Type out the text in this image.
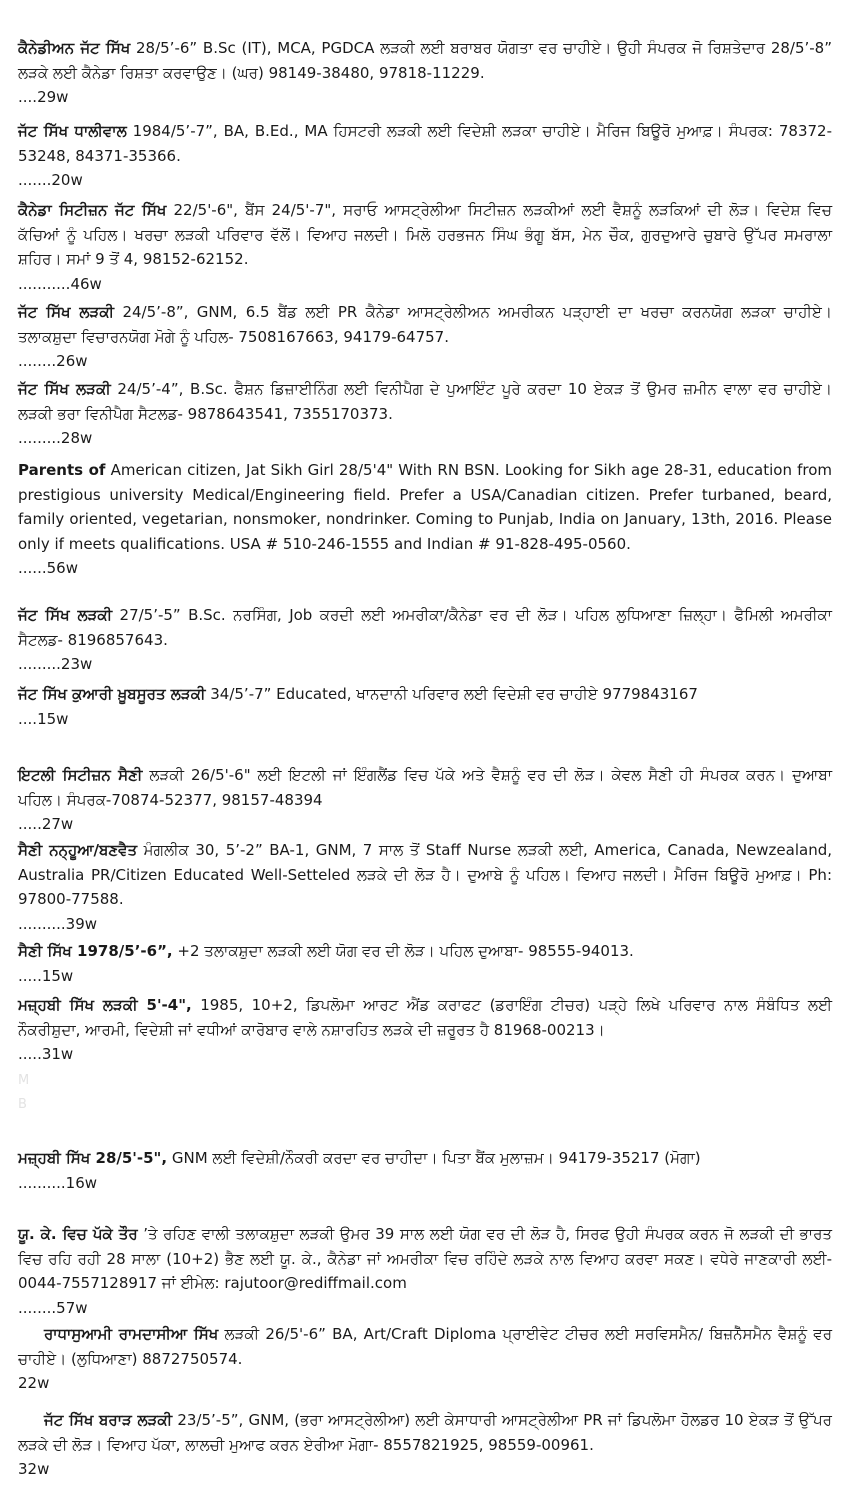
ਕੈਨੇਡੀਅਨ ਜੱਟ ਸਿੱਖ 28/5’-6” B.Sc (IT), MCA, PGDCA ਲੜਕੀ ਲਈ ਬਰਾਬਰ ਯੋਗਤਾ ਵਰ ਚਾਹੀਏ। ਉਹੀ ਸੰਪਰਕ ਜੋ ਰਿਸ਼ਤੇਦਾਰ 28/5’-8” ਲੜਕੇ ਲਈ ਕੈਨੇਡਾ ਰਿਸ਼ਤਾ ਕਰਵਾਉਣ। (ਘਰ) 98149-38480, 97818-11229.
....29w
ਜੱਟ ਸਿੱਖ ਧਾਲੀਵਾਲ 1984/5’-7”, BA, B.Ed., MA ਹਿਸਟਰੀ ਲੜਕੀ ਲਈ ਵਿਦੇਸ਼ੀ ਲੜਕਾ ਚਾਹੀਏ। ਮੈਰਿਜ ਬਿਊਰੋ ਮੁਆਫ਼। ਸੰਪਰਕ: 78372-53248, 84371-35366.
.......20w
ਕੈਨੇਡਾ ਸਿਟੀਜ਼ਨ ਜੱਟ ਸਿੱਖ 22/5'-6", ਬੈਂਸ 24/5'-7", ਸਰਾਓ ਆਸਟ੍ਰੇਲੀਆ ਸਿਟੀਜ਼ਨ ਲੜਕੀਆਂ ਲਈ ਵੈਸ਼ਨੂੰ ਲੜਕਿਆਂ ਦੀ ਲੋੜ। ਵਿਦੇਸ਼ ਵਿਚ ਕੱਚਿਆਂ ਨੂੰ ਪਹਿਲ। ਖਰਚਾ ਲੜਕੀ ਪਰਿਵਾਰ ਵੱਲੋਂ। ਵਿਆਹ ਜਲਦੀ। ਮਿਲੋ ਹਰਭਜਨ ਸਿੰਘ ਭੰਗੂ ਬੱਸ, ਮੇਨ ਚੌਕ, ਗੁਰਦੁਆਰੇ ਚੁਬਾਰੇ ਉੱਪਰ ਸਮਰਾਲਾ ਸ਼ਹਿਰ। ਸਮਾਂ 9 ਤੋਂ 4, 98152-62152.
...........46w
ਜੱਟ ਸਿੱਖ ਲੜਕੀ 24/5’-8”, GNM, 6.5 ਬੈਂਡ ਲਈ PR ਕੈਨੇਡਾ ਆਸਟ੍ਰੇਲੀਅਨ ਅਮਰੀਕਨ ਪੜ੍ਹਾਈ ਦਾ ਖਰਚਾ ਕਰਨਯੋਗ ਲੜਕਾ ਚਾਹੀਏ। ਤਲਾਕਸ਼ੁਦਾ ਵਿਚਾਰਨਯੋਗ ਮੋਗੇ ਨੂੰ ਪਹਿਲ- 7508167663, 94179-64757.
........26w
ਜੱਟ ਸਿੱਖ ਲੜਕੀ 24/5’-4”, B.Sc. ਫੈਸ਼ਨ ਡਿਜ਼ਾਈਨਿੰਗ ਲਈ ਵਿਨੀਪੈਗ ਦੇ ਪੁਆਇੰਟ ਪੂਰੇ ਕਰਦਾ 10 ਏਕੜ ਤੋਂ ਉਮਰ ਜ਼ਮੀਨ ਵਾਲਾ ਵਰ ਚਾਹੀਏ। ਲੜਕੀ ਭਰਾ ਵਿਨੀਪੈਗ ਸੈਟਲਡ- 9878643541, 7355170373.
.........28w
Parents of American citizen, Jat Sikh Girl 28/5'4" With RN BSN. Looking for Sikh age 28-31, education from prestigious university Medical/Engineering field. Prefer a USA/Canadian citizen. Prefer turbaned, beard, family oriented, vegetarian, nonsmoker, nondrinker. Coming to Punjab, India on January, 13th, 2016. Please only if meets qualifications. USA # 510-246-1555 and Indian # 91-828-495-0560.
......56w
ਜੱਟ ਸਿੱਖ ਲੜਕੀ 27/5’-5” B.Sc. ਨਰਸਿੰਗ, Job ਕਰਦੀ ਲਈ ਅਮਰੀਕਾ/ਕੈਨੇਡਾ ਵਰ ਦੀ ਲੋੜ। ਪਹਿਲ ਲੁਧਿਆਣਾ ਜ਼ਿਲ੍ਹਾ। ਫੈਮਿਲੀ ਅਮਰੀਕਾ ਸੈਟਲਡ- 8196857643.
.........23w
ਜੱਟ ਸਿੱਖ ਕੁਆਰੀ ਖ਼ੂਬਸੂਰਤ ਲੜਕੀ 34/5’-7” Educated, ਖਾਨਦਾਨੀ ਪਰਿਵਾਰ ਲਈ ਵਿਦੇਸ਼ੀ ਵਰ ਚਾਹੀਏ 9779843167
....15w
ਇਟਲੀ ਸਿਟੀਜ਼ਨ ਸੈਣੀ ਲੜਕੀ 26/5'-6" ਲਈ ਇਟਲੀ ਜਾਂ ਇੰਗਲੈਂਡ ਵਿਚ ਪੱਕੇ ਅਤੇ ਵੈਸ਼ਨੂੰ ਵਰ ਦੀ ਲੋੜ। ਕੇਵਲ ਸੈਣੀ ਹੀ ਸੰਪਰਕ ਕਰਨ। ਦੁਆਬਾ ਪਹਿਲ। ਸੰਪਰਕ-70874-52377, 98157-48394
.....27w
ਸੈਣੀ ਨਨ੍ਹੂਆ/ਬਣਵੈਤ ਮੰਗਲੀਕ 30, 5’-2” BA-1, GNM, 7 ਸਾਲ ਤੋਂ Staff Nurse ਲੜਕੀ ਲਈ, America, Canada, Newzealand, Australia PR/Citizen Educated Well-Setteled ਲੜਕੇ ਦੀ ਲੋੜ ਹੈ। ਦੁਆਬੇ ਨੂੰ ਪਹਿਲ। ਵਿਆਹ ਜਲਦੀ। ਮੈਰਿਜ ਬਿਊਰੋ ਮੁਆਫ਼। Ph: 97800-77588.
..........39w
ਸੈਣੀ ਸਿੱਖ 1978/5’-6”, +2 ਤਲਾਕਸ਼ੁਦਾ ਲੜਕੀ ਲਈ ਯੋਗ ਵਰ ਦੀ ਲੋੜ। ਪਹਿਲ ਦੁਆਬਾ- 98555-94013.
.....15w
ਮਜ਼੍ਹਬੀ ਸਿੱਖ ਲੜਕੀ 5'-4", 1985, 10+2, ਡਿਪਲੋਮਾ ਆਰਟ ਐਂਡ ਕਰਾਫਟ (ਡਰਾਇੰਗ ਟੀਚਰ) ਪੜ੍ਹੇ ਲਿਖੇ ਪਰਿਵਾਰ ਨਾਲ ਸੰਬੰਧਿਤ ਲਈ ਨੌਕਰੀਸ਼ੁਦਾ, ਆਰਮੀ, ਵਿਦੇਸ਼ੀ ਜਾਂ ਵਧੀਆਂ ਕਾਰੋਬਾਰ ਵਾਲੇ ਨਸ਼ਾਰਹਿਤ ਲੜਕੇ ਦੀ ਜ਼ਰੂਰਤ ਹੈ 81968-00213।
.....31w
M
B
ਮਜ਼੍ਹਬੀ ਸਿੱਖ 28/5'-5", GNM ਲਈ ਵਿਦੇਸ਼ੀ/ਨੌਕਰੀ ਕਰਦਾ ਵਰ ਚਾਹੀਦਾ। ਪਿਤਾ ਬੈਂਕ ਮੁਲਾਜ਼ਮ। 94179-35217 (ਮੋਗਾ)
..........16w
ਯੂ. ਕੇ. ਵਿਚ ਪੱਕੇ ਤੌਰ ’ਤੇ ਰਹਿਣ ਵਾਲੀ ਤਲਾਕਸ਼ੁਦਾ ਲੜਕੀ ਉਮਰ 39 ਸਾਲ ਲਈ ਯੋਗ ਵਰ ਦੀ ਲੋੜ ਹੈ, ਸਿਰਫ ਉਹੀ ਸੰਪਰਕ ਕਰਨ ਜੋ ਲੜਕੀ ਦੀ ਭਾਰਤ ਵਿਚ ਰਹਿ ਰਹੀ 28 ਸਾਲਾ (10+2) ਭੈਣ ਲਈ ਯੂ. ਕੇ., ਕੈਨੇਡਾ ਜਾਂ ਅਮਰੀਕਾ ਵਿਚ ਰਹਿੰਦੇ ਲੜਕੇ ਨਾਲ ਵਿਆਹ ਕਰਵਾ ਸਕਣ। ਵਧੇਰੇ ਜਾਣਕਾਰੀ ਲਈ- 0044-7557128917 ਜਾਂ ਈਮੇਲ: rajutoor@rediffmail.com
........57w
ਰਾਧਾਸੁਆਮੀ ਰਾਮਦਾਸੀਆ ਸਿੱਖ ਲੜਕੀ 26/5'-6” BA, Art/Craft Diploma ਪ੍ਰਾਈਵੇਟ ਟੀਚਰ ਲਈ ਸਰਵਿਸਮੈਨ/ ਬਿਜ਼ਨੈੱਸਮੈਨ ਵੈਸ਼ਨੂੰ ਵਰ ਚਾਹੀਏ। (ਲੁਧਿਆਣਾ) 8872750574.
22w
ਜੱਟ ਸਿੱਖ ਬਰਾੜ ਲੜਕੀ 23/5’-5”, GNM, (ਭਰਾ ਆਸਟ੍ਰੇਲੀਆ) ਲਈ ਕੇਸਾਧਾਰੀ ਆਸਟ੍ਰੇਲੀਆ PR ਜਾਂ ਡਿਪਲੋਮਾ ਹੋਲਡਰ 10 ਏਕੜ ਤੋਂ ਉੱਪਰ ਲੜਕੇ ਦੀ ਲੋੜ। ਵਿਆਹ ਪੱਕਾ, ਲਾਲਚੀ ਮੁਆਫ ਕਰਨ ਏਰੀਆ ਮੋਗਾ- 8557821925, 98559-00961.
32w
